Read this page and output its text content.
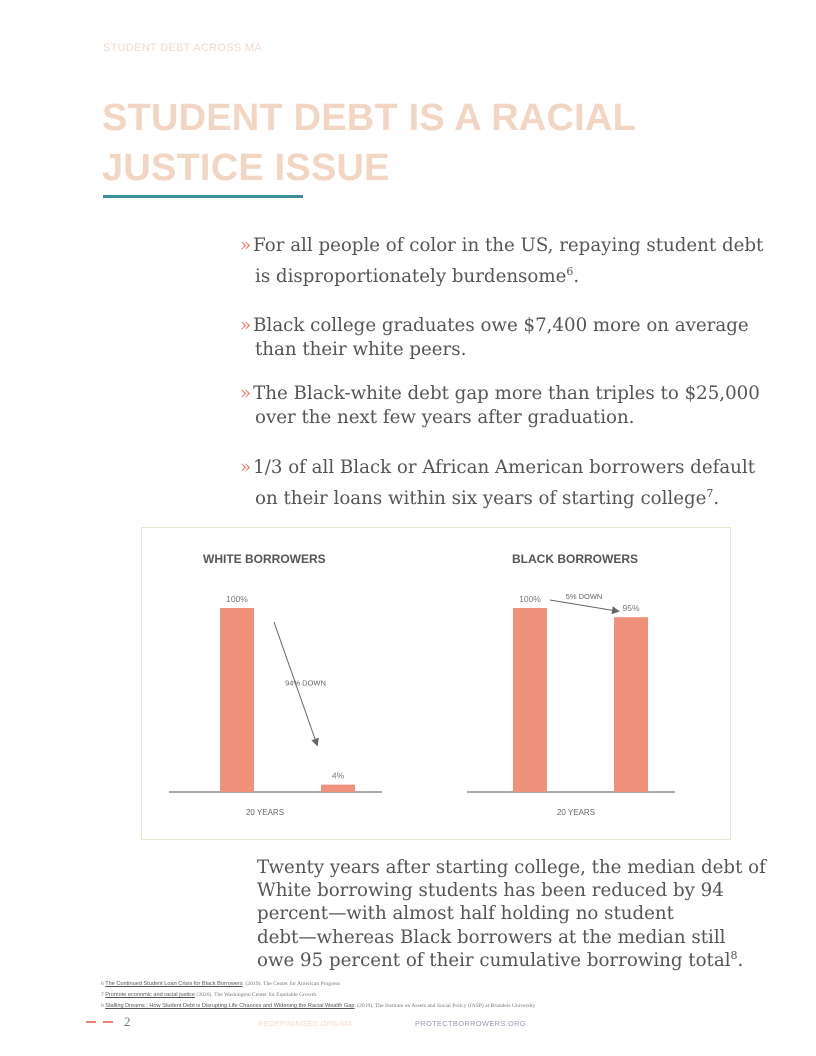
STUDENT DEBT ACROSS MA
STUDENT DEBT IS A RACIAL
JUSTICE ISSUE
» For all people of color in the US, repaying student debt
is disproportionately burdensome$^6$.
» Black college graduates owe $7,400 more on average
than their white peers.
» The Black-white debt gap more than triples to $25,000
over the next few years after graduation.
» 1/3 of all Black or African American borrowers default
on their loans within six years of starting college$^7$.
WHITE BORROWERS
100%
4%
20 YEARS
94% DOWN
BLACK BORROWERS
100%
95%
20 YEARS
5% DOWN
Twenty years after starting college, the median debt of
White borrowing students has been reduced by 94
percent—with almost half holding no student
debt—whereas Black borrowers at the median still
owe 95 percent of their cumulative borrowing total$^8$.
6 The Continued Student Loan Crisis for Black Borrowers. (2019). The Center for American Progress
7 Promote economic and racial justice (2020). The Washington Center for Equitable Growth
8 Stalling Dreams : How Student Debt is Disrupting Life Chances and Widening the Racial Wealth Gap. (2019). The Institute on Assets and Social Policy (IASP) at Brandeis University
2	REDEFININGED.ORG/MA	PROTECTBORROWERS.ORG
